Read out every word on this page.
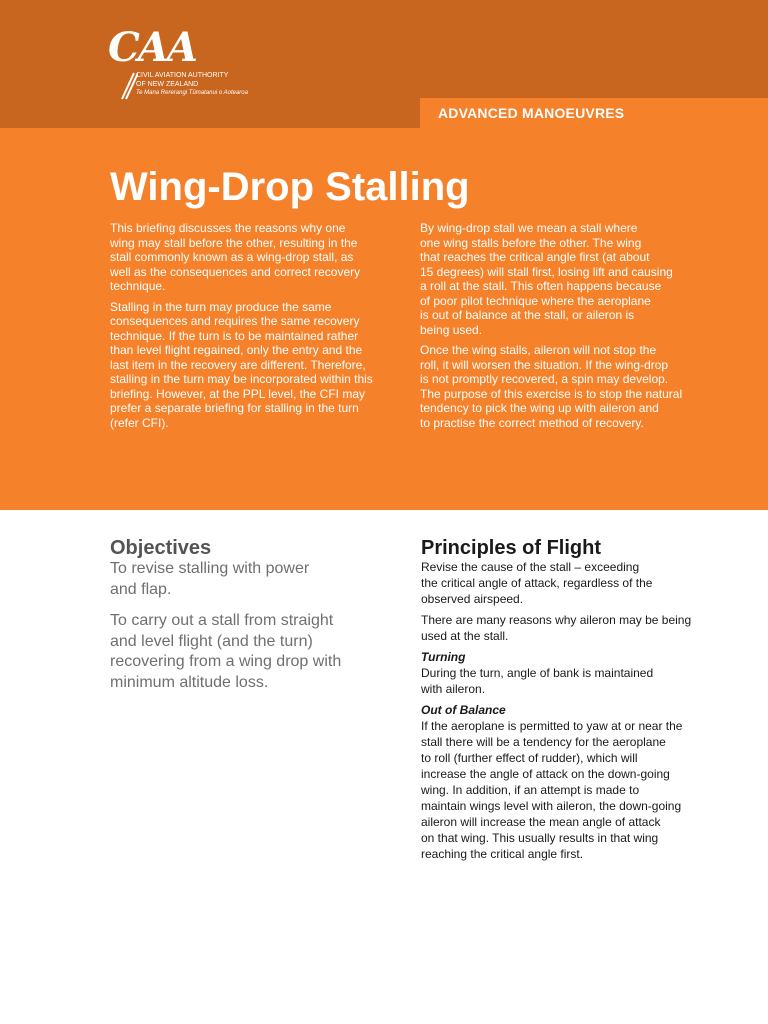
CAA
CIVIL AVIATION AUTHORITY
OF NEW ZEALAND
Te Mana Rererangi Tūmatanui o Aotearoa
ADVANCED MANOEUVRES
Wing-Drop Stalling

This briefing discusses the reasons why one
wing may stall before the other, resulting in the
stall commonly known as a wing-drop stall, as
well as the consequences and correct recovery
technique.

Stalling in the turn may produce the same
consequences and requires the same recovery
technique. If the turn is to be maintained rather
than level flight regained, only the entry and the
last item in the recovery are different. Therefore,
stalling in the turn may be incorporated within this
briefing. However, at the PPL level, the CFI may
prefer a separate briefing for stalling in the turn
(refer CFI).

By wing-drop stall we mean a stall where
one wing stalls before the other. The wing
that reaches the critical angle first (at about
15 degrees) will stall first, losing lift and causing
a roll at the stall. This often happens because
of poor pilot technique where the aeroplane
is out of balance at the stall, or aileron is
being used.

Once the wing stalls, aileron will not stop the
roll, it will worsen the situation. If the wing-drop
is not promptly recovered, a spin may develop.
The purpose of this exercise is to stop the natural
tendency to pick the wing up with aileron and
to practise the correct method of recovery.

Objectives

To revise stalling with power
and flap.

To carry out a stall from straight
and level flight (and the turn)
recovering from a wing drop with
minimum altitude loss.

Principles of Flight

Revise the cause of the stall – exceeding
the critical angle of attack, regardless of the
observed airspeed.

There are many reasons why aileron may be being
used at the stall.

Turning

During the turn, angle of bank is maintained
with aileron.

Out of Balance

If the aeroplane is permitted to yaw at or near the
stall there will be a tendency for the aeroplane
to roll (further effect of rudder), which will
increase the angle of attack on the down-going
wing. In addition, if an attempt is made to
maintain wings level with aileron, the down-going
aileron will increase the mean angle of attack
on that wing. This usually results in that wing
reaching the critical angle first.
